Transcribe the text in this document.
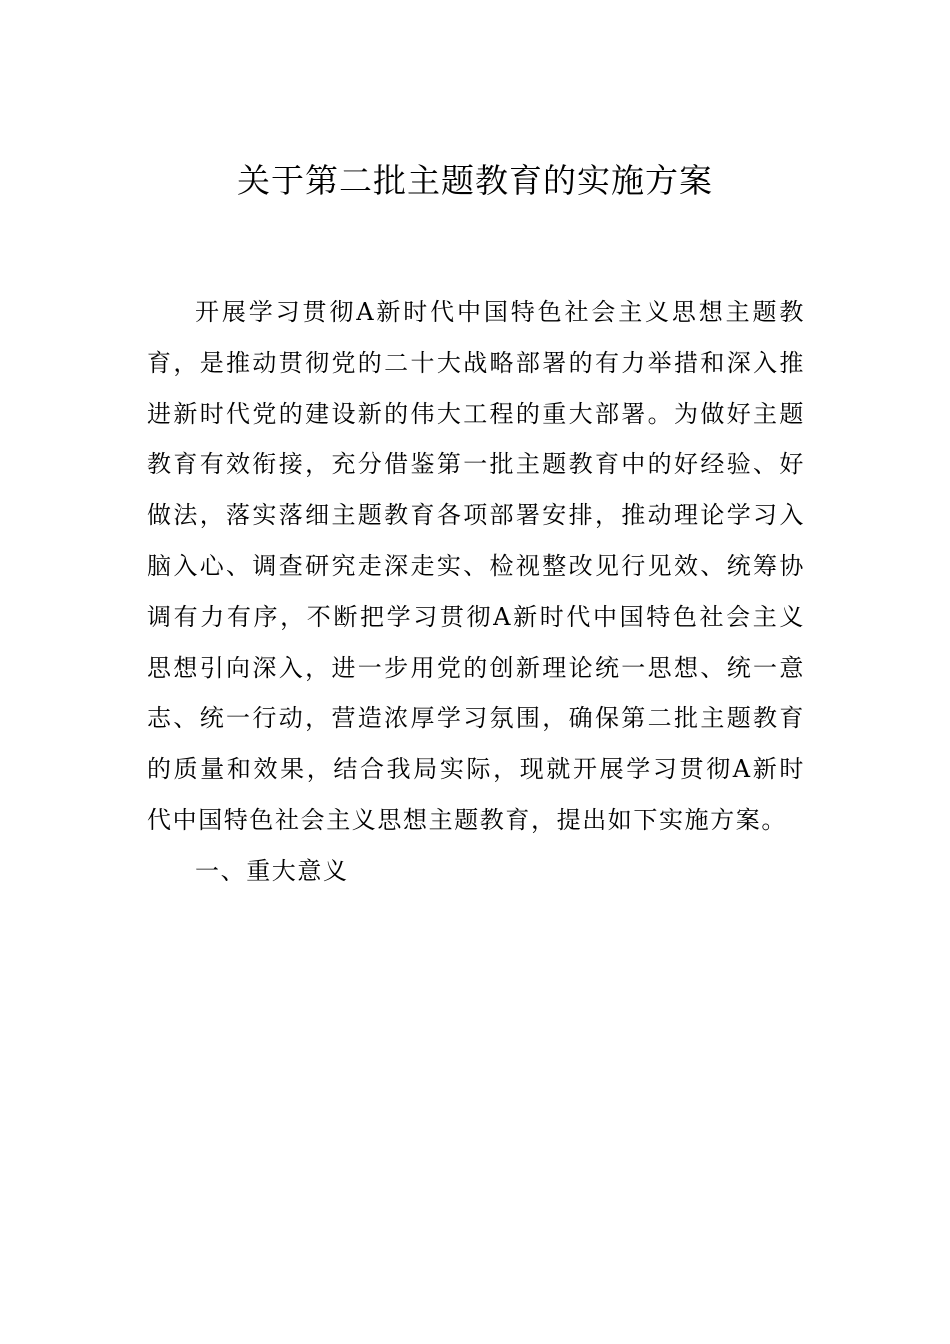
关于第二批主题教育的实施方案

开展学习贯彻A新时代中国特色社会主义思想主题教育，是推动贯彻党的二十大战略部署的有力举措和深入推进新时代党的建设新的伟大工程的重大部署。为做好主题教育有效衔接，充分借鉴第一批主题教育中的好经验、好做法，落实落细主题教育各项部署安排，推动理论学习入脑入心、调查研究走深走实、检视整改见行见效、统筹协调有力有序，不断把学习贯彻A新时代中国特色社会主义思想引向深入，进一步用党的创新理论统一思想、统一意志、统一行动，营造浓厚学习氛围，确保第二批主题教育的质量和效果，结合我局实际，现就开展学习贯彻A新时代中国特色社会主义思想主题教育，提出如下实施方案。

一、重大意义
